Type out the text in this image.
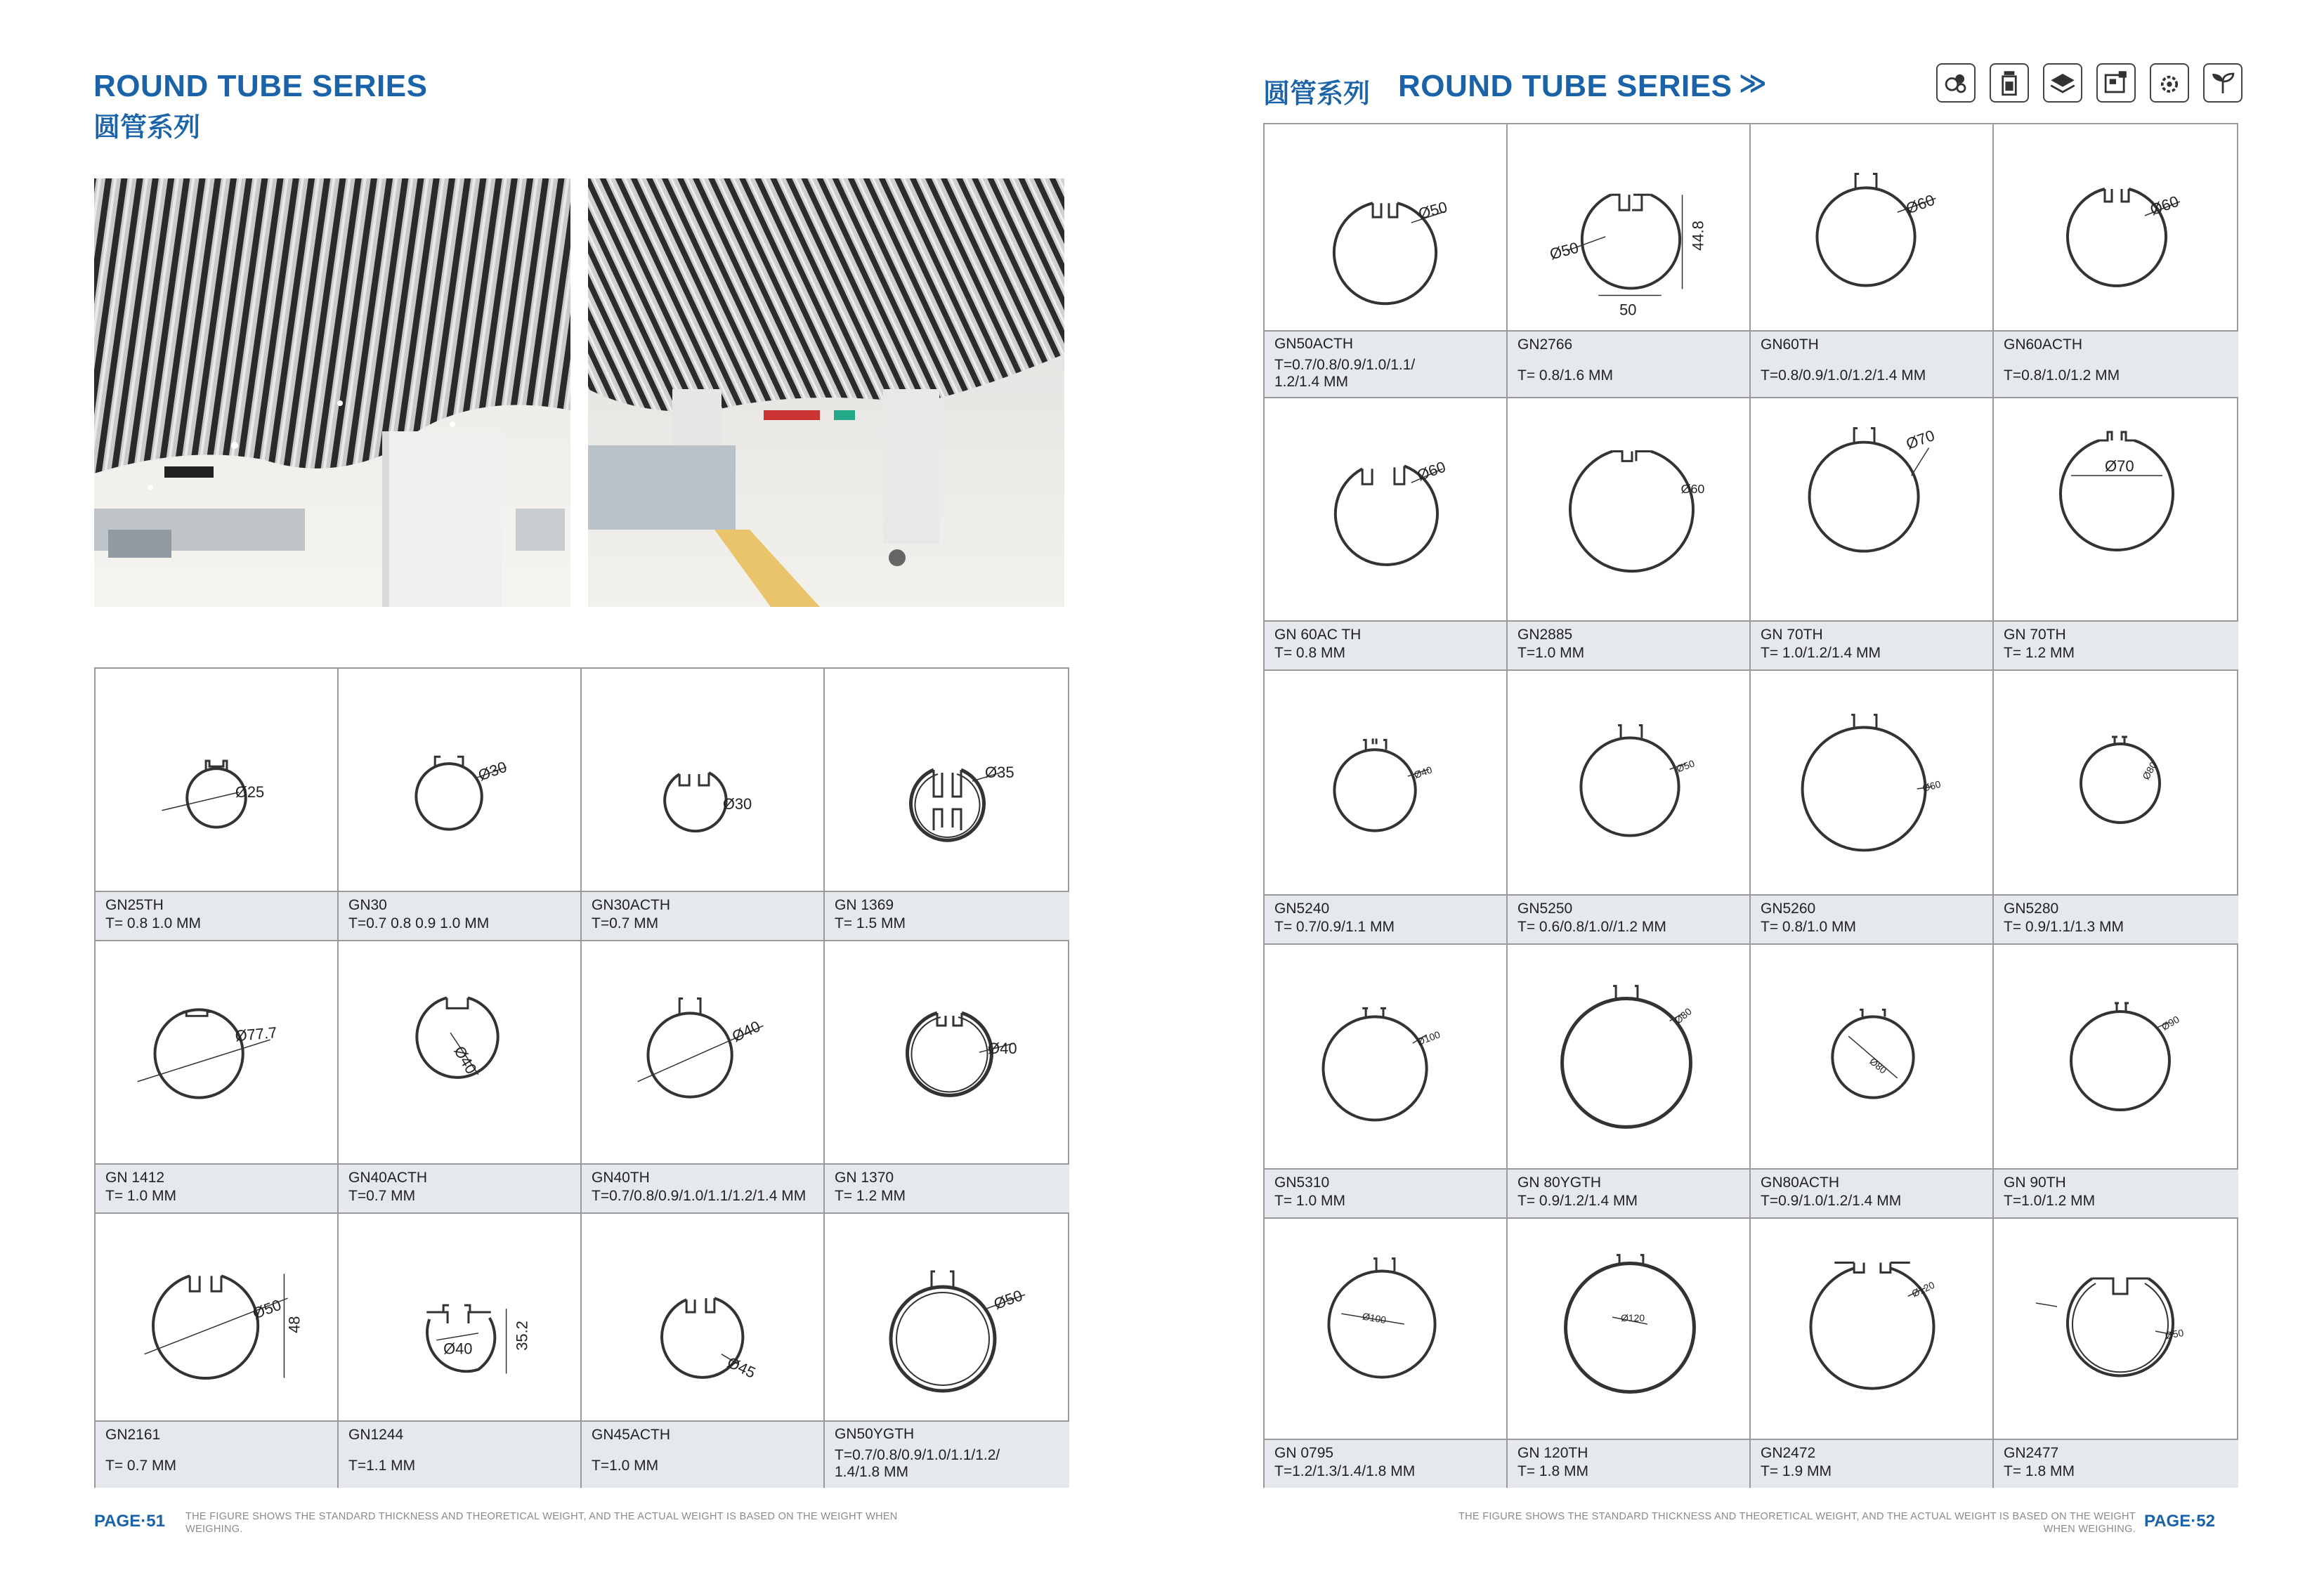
ROUND TUBE SERIES
圆管系列
Ø25
GN25TH
T= 0.8 1.0 MM
Ø30
GN30
T=0.7 0.8 0.9 1.0 MM
Ø30
GN30ACTH
T=0.7 MM
Ø35
GN 1369
T= 1.5 MM
Ø77.7
GN 1412
T= 1.0 MM
Ø40
GN40ACTH
T=0.7 MM
Ø40
GN40TH
T=0.7/0.8/0.9/1.0/1.1/1.2/1.4 MM
Ø40
GN 1370
T= 1.2 MM
Ø50
48
GN2161
T= 0.7 MM
Ø40	35.2
GN1244
T=1.1 MM
Ø45
GN45ACTH
T=1.0 MM
Ø50
GN50YGTH
T=0.7/0.8/0.9/1.0/1.1/1.2/ 1.4/1.8 MM
PAGE·51 THE FIGURE SHOWS THE STANDARD THICKNESS AND THEORETICAL WEIGHT, AND THE ACTUAL WEIGHT IS BASED ON THE WEIGHT WHEN WEIGHING.
圆管系列 ROUND TUBE SERIES ≫
Ø50
GN50ACTH
T=0.7/0.8/0.9/1.0/1.1/ 1.2/1.4 MM
50
44.8
Ø50
GN2766
T= 0.8/1.6 MM
Ø60
GN60TH
T=0.8/0.9/1.0/1.2/1.4 MM
Ø60
GN60ACTH
T=0.8/1.0/1.2 MM
Ø60
GN 60AC TH
T= 0.8 MM
Ø60
GN2885
T=1.0 MM
Ø70
GN 70TH
T= 1.0/1.2/1.4 MM
Ø70
GN 70TH
T= 1.2 MM
Ø40
GN5240
T= 0.7/0.9/1.1 MM
Ø50
GN5250
T= 0.6/0.8/1.0//1.2 MM
Ø60
GN5260
T= 0.8/1.0 MM
Ø80
GN5280
T= 0.9/1.1/1.3 MM
Ø100
GN5310
T= 1.0 MM
Ø80
GN 80YGTH
T= 0.9/1.2/1.4 MM
Ø80
GN80ACTH
T=0.9/1.0/1.2/1.4 MM
Ø90
GN 90TH
T=1.0/1.2 MM
Ø100
GN 0795
T=1.2/1.3/1.4/1.8 MM
Ø120
GN 120TH
T= 1.8 MM
Ø120
GN2472
T= 1.9 MM
Ø50
GN2477
T= 1.8 MM
THE FIGURE SHOWS THE STANDARD THICKNESS AND THEORETICAL WEIGHT, AND THE ACTUAL WEIGHT IS BASED ON THE WEIGHT WHEN WEIGHING. PAGE·52
